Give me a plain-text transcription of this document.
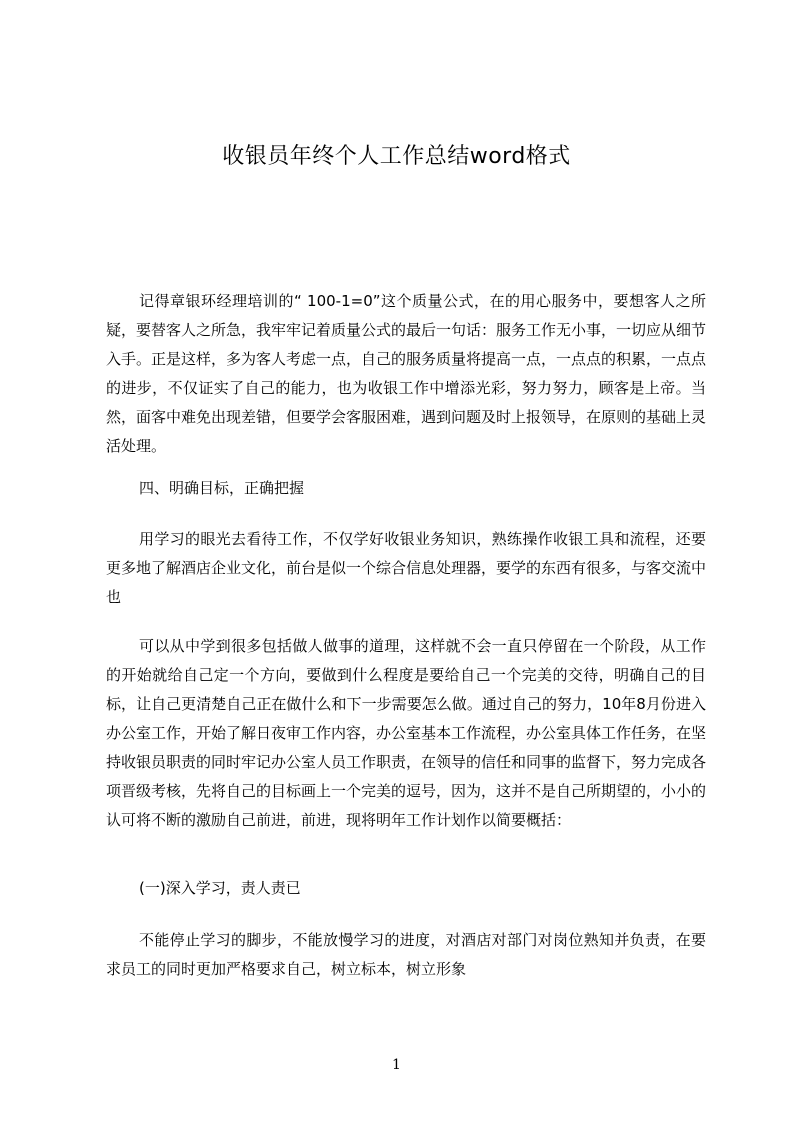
收银员年终个人工作总结word格式

记得章银环经理培训的“ 100-1=0”这个质量公式，在的用心服务中，要想客人之所疑，要替客人之所急，我牢牢记着质量公式的最后一句话：服务工作无小事，一切应从细节入手。正是这样，多为客人考虑一点，自己的服务质量将提高一点，一点点的积累，一点点的进步，不仅证实了自己的能力，也为收银工作中增添光彩，努力努力，顾客是上帝。当然，面客中难免出现差错，但要学会客服困难，遇到问题及时上报领导，在原则的基础上灵活处理。

四、明确目标，正确把握

用学习的眼光去看待工作，不仅学好收银业务知识，熟练操作收银工具和流程，还要更多地了解酒店企业文化，前台是似一个综合信息处理器，要学的东西有很多，与客交流中也

可以从中学到很多包括做人做事的道理，这样就不会一直只停留在一个阶段，从工作的开始就给自己定一个方向，要做到什么程度是要给自己一个完美的交待，明确自己的目标，让自己更清楚自己正在做什么和下一步需要怎么做。通过自己的努力，10年8月份进入办公室工作，开始了解日夜审工作内容，办公室基本工作流程，办公室具体工作任务，在坚持收银员职责的同时牢记办公室人员工作职责，在领导的信任和同事的监督下，努力完成各项晋级考核，先将自己的目标画上一个完美的逗号，因为，这并不是自己所期望的，小小的认可将不断的激励自己前进，前进，现将明年工作计划作以简要概括：

(一)深入学习，责人责已

不能停止学习的脚步，不能放慢学习的进度，对酒店对部门对岗位熟知并负责，在要求员工的同时更加严格要求自己，树立标本，树立形象

1
